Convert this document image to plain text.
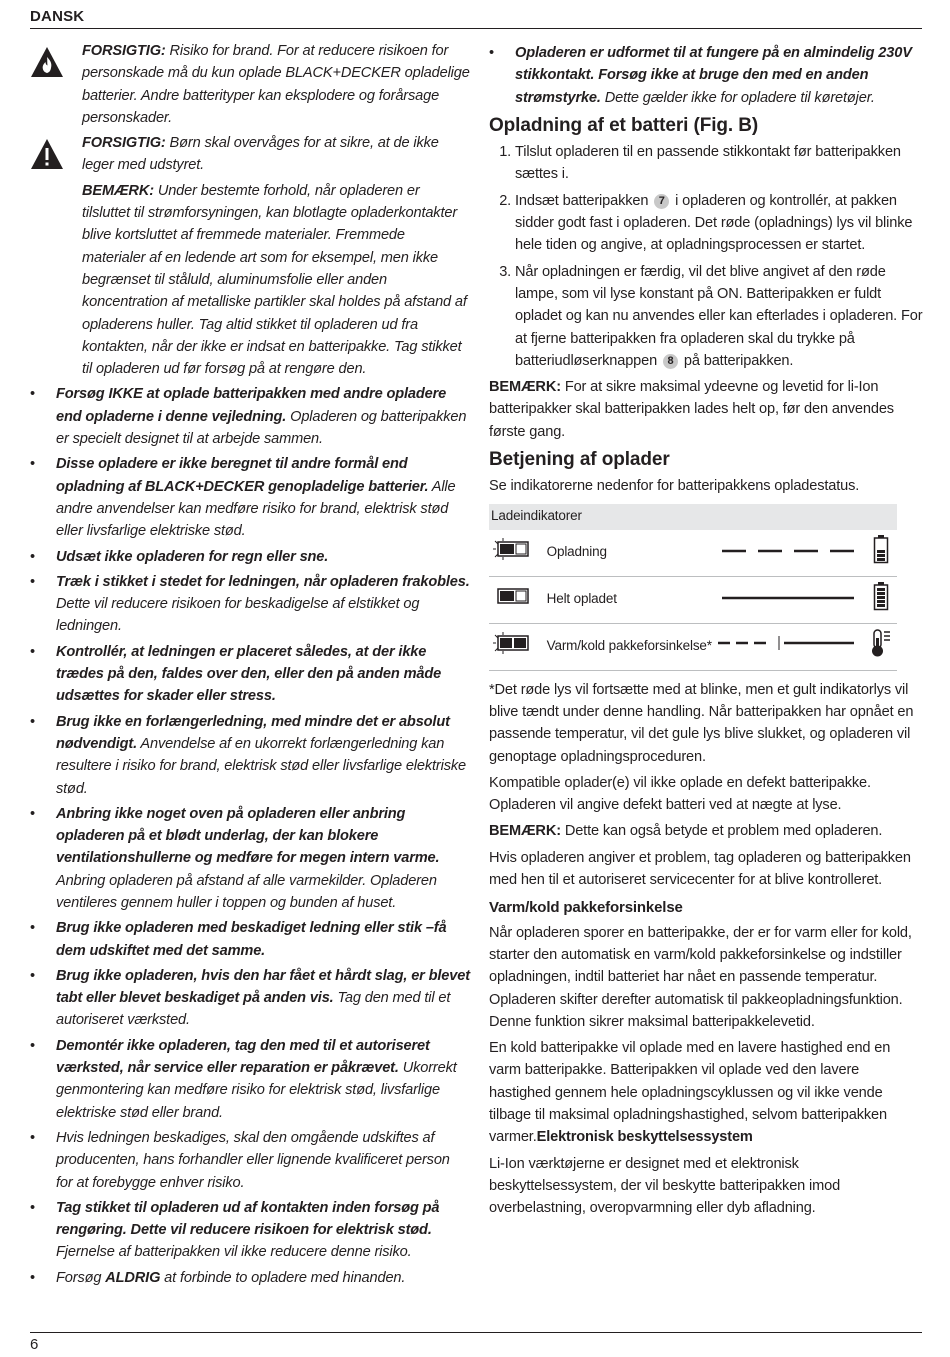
DANSK
FORSIGTIG: Risiko for brand. For at reducere risikoen for personskade må du kun oplade BLACK+DECKER opladelige batterier. Andre batterityper kan eksplodere og forårsage personskader.
FORSIGTIG: Børn skal overvåges for at sikre, at de ikke leger med udstyret.
BEMÆRK: Under bestemte forhold, når opladeren er tilsluttet til strømforsyningen, kan blotlagte opladerkontakter blive kortsluttet af fremmede materialer. Fremmede materialer af en ledende art som for eksempel, men ikke begrænset til ståluld, aluminumsfolie eller anden koncentration af metalliske partikler skal holdes på afstand af opladerens huller. Tag altid stikket til opladeren ud fra kontakten, når der ikke er indsat en batteripakke. Tag stikket til opladeren ud før forsøg på at rengøre den.
• Forsøg IKKE at oplade batteripakken med andre opladere end opladerne i denne vejledning. Opladeren og batteripakken er specielt designet til at arbejde sammen.
• Disse opladere er ikke beregnet til andre formål end opladning af BLACK+DECKER genopladelige batterier. Alle andre anvendelser kan medføre risiko for brand, elektrisk stød eller livsfarlige elektriske stød.
• Udsæt ikke opladeren for regn eller sne.
• Træk i stikket i stedet for ledningen, når opladeren frakobles. Dette vil reducere risikoen for beskadigelse af elstikket og ledningen.
• Kontrollér, at ledningen er placeret således, at der ikke trædes på den, faldes over den, eller den på anden måde udsættes for skader eller stress.
• Brug ikke en forlængerledning, med mindre det er absolut nødvendigt. Anvendelse af en ukorrekt forlængerledning kan resultere i risiko for brand, elektrisk stød eller livsfarlige elektriske stød.
• Anbring ikke noget oven på opladeren eller anbring opladeren på et blødt underlag, der kan blokere ventilationshullerne og medføre for megen intern varme. Anbring opladeren på afstand af alle varmekilder. Opladeren ventileres gennem huller i toppen og bunden af huset.
• Brug ikke opladeren med beskadiget ledning eller stik –få dem udskiftet med det samme.
• Brug ikke opladeren, hvis den har fået et hårdt slag, er blevet tabt eller blevet beskadiget på anden vis. Tag den med til et autoriseret værksted.
• Demontér ikke opladeren, tag den med til et autoriseret værksted, når service eller reparation er påkrævet. Ukorrekt genmontering kan medføre risiko for elektrisk stød, livsfarlige elektriske stød eller brand.
• Hvis ledningen beskadiges, skal den omgående udskiftes af producenten, hans forhandler eller lignende kvalificeret person for at forebygge enhver risiko.
• Tag stikket til opladeren ud af kontakten inden forsøg på rengøring. Dette vil reducere risikoen for elektrisk stød. Fjernelse af batteripakken vil ikke reducere denne risiko.
• Forsøg ALDRIG at forbinde to opladere med hinanden.
• Opladeren er udformet til at fungere på en almindelig 230V stikkontakt. Forsøg ikke at bruge den med en anden strømstyrke. Dette gælder ikke for opladere til køretøjer.
Opladning af et batteri (Fig. B)
1. Tilslut opladeren til en passende stikkontakt før batteripakken sættes i.
2. Indsæt batteripakken 7 i opladeren og kontrollér, at pakken sidder godt fast i opladeren. Det røde (opladnings) lys vil blinke hele tiden og angive, at opladningsprocessen er startet.
3. Når opladningen er færdig, vil det blive angivet af den røde lampe, som vil lyse konstant på ON. Batteripakken er fuldt opladet og kan nu anvendes eller kan efterlades i opladeren. For at fjerne batteripakken fra opladeren skal du trykke på batteriudløserknappen 8 på batteripakken.

BEMÆRK: For at sikre maksimal ydeevne og levetid for li-Ion batteripakker skal batteripakken lades helt op, før den anvendes første gang.

Betjening af oplader

Se indikatorerne nedenfor for batteripakkens opladestatus.

Ladeindikatorer			
	Opladning		
	Helt opladet		
	Varm/kold pakkeforsinkelse*		

*Det røde lys vil fortsætte med at blinke, men et gult indikatorlys vil blive tændt under denne handling. Når batteripakken har opnået en passende temperatur, vil det gule lys blive slukket, og opladeren vil genoptage opladningsproceduren.

Kompatible oplader(e) vil ikke oplade en defekt batteripakke. Opladeren vil angive defekt batteri ved at nægte at lyse.

BEMÆRK: Dette kan også betyde et problem med opladeren.

Hvis opladeren angiver et problem, tag opladeren og batteripakken med hen til et autoriseret servicecenter for at blive kontrolleret.

Varm/kold pakkeforsinkelse

Når opladeren sporer en batteripakke, der er for varm eller for kold, starter den automatisk en varm/kold pakkeforsinkelse og indstiller opladningen, indtil batteriet har nået en passende temperatur. Opladeren skifter derefter automatisk til pakkeopladningsfunktion. Denne funktion sikrer maksimal batteripakkelevetid.

En kold batteripakke vil oplade med en lavere hastighed end en varm batteripakke. Batteripakken vil oplade ved den lavere hastighed gennem hele opladningscyklussen og vil ikke vende tilbage til maksimal opladningshastighed, selvom batteripakken varmer.Elektronisk beskyttelsessystem

Li-Ion værktøjerne er designet med et elektronisk beskyttelsessystem, der vil beskytte batteripakken imod overbelastning, overopvarmning eller dyb afladning.

6
